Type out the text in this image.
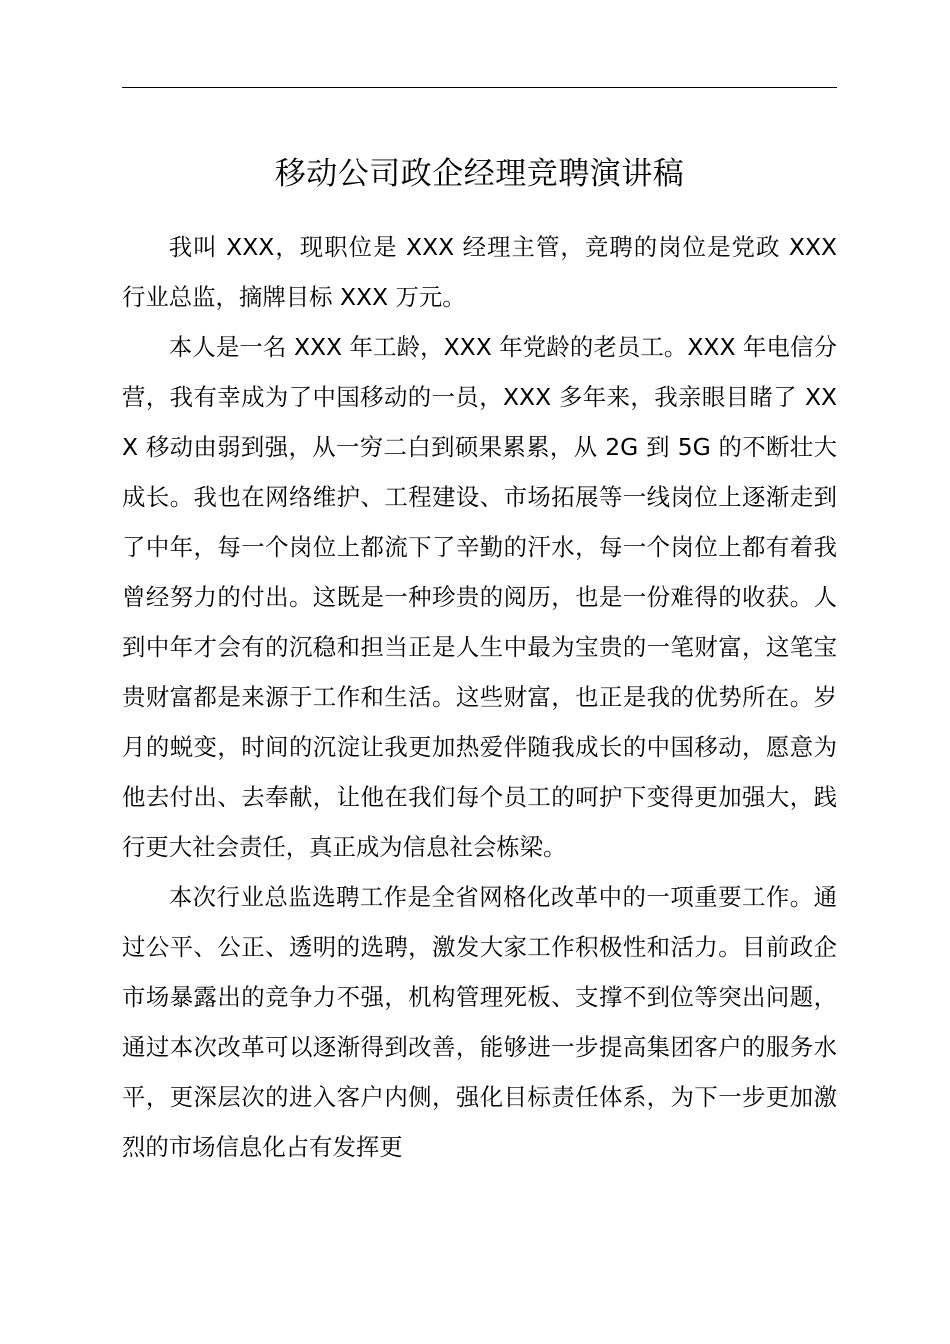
移动公司政企经理竞聘演讲稿

我叫 XXX，现职位是 XXX 经理主管，竞聘的岗位是党政 XXX 行业总监，摘牌目标 XXX 万元。

本人是一名 XXX 年工龄，XXX 年党龄的老员工。XXX 年电信分营，我有幸成为了中国移动的一员，XXX 多年来，我亲眼目睹了 XXX 移动由弱到强，从一穷二白到硕果累累，从 2G 到 5G 的不断壮大成长。我也在网络维护、工程建设、市场拓展等一线岗位上逐渐走到了中年，每一个岗位上都流下了辛勤的汗水，每一个岗位上都有着我曾经努力的付出。这既是一种珍贵的阅历，也是一份难得的收获。人到中年才会有的沉稳和担当正是人生中最为宝贵的一笔财富，这笔宝贵财富都是来源于工作和生活。这些财富，也正是我的优势所在。岁月的蜕变，时间的沉淀让我更加热爱伴随我成长的中国移动，愿意为他去付出、去奉献，让他在我们每个员工的呵护下变得更加强大，践行更大社会责任，真正成为信息社会栋梁。

本次行业总监选聘工作是全省网格化改革中的一项重要工作。通过公平、公正、透明的选聘，激发大家工作积极性和活力。目前政企市场暴露出的竞争力不强，机构管理死板、支撑不到位等突出问题，通过本次改革可以逐渐得到改善，能够进一步提高集团客户的服务水平，更深层次的进入客户内侧，强化目标责任体系，为下一步更加激烈的市场信息化占有发挥更
